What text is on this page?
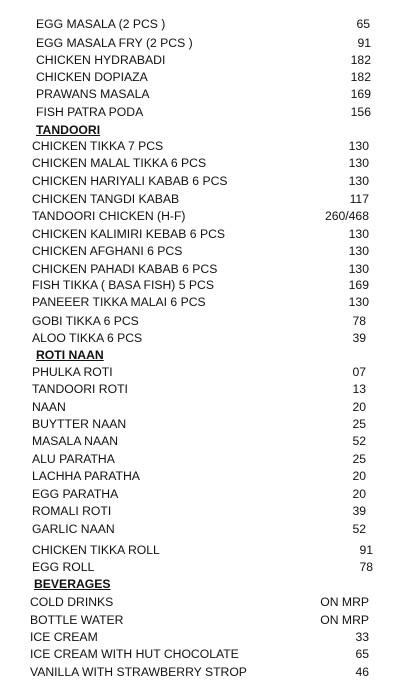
EGG MASALA (2 PCS )	65
EGG MASALA FRY (2 PCS )	91
CHICKEN HYDRABADI	182
CHICKEN DOPIAZA	182
PRAWANS MASALA	169
FISH PATRA PODA	156
TANDOORI
CHICKEN TIKKA 7 PCS	130
CHICKEN MALAL TIKKA 6 PCS	130
CHICKEN HARIYALI KABAB 6 PCS	130
CHICKEN TANGDI KABAB	117
TANDOORI CHICKEN (H-F)	260/468
CHICKEN KALIMIRI KEBAB 6 PCS	130
CHICKEN AFGHANI 6 PCS	130
CHICKEN PAHADI KABAB 6 PCS	130
FISH TIKKA ( BASA FISH) 5 PCS	169
PANEEER TIKKA MALAI 6 PCS	130
GOBI TIKKA 6 PCS	78
ALOO TIKKA 6 PCS	39
ROTI NAAN
PHULKA ROTI	07
TANDOORI ROTI	13
NAAN	20
BUYTTER NAAN	25
MASALA NAAN	52
ALU PARATHA	25
LACHHA PARATHA	20
EGG PARATHA	20
ROMALI ROTI	39
GARLIC NAAN	52
CHICKEN TIKKA ROLL	91
EGG ROLL	78
BEVERAGES
COLD DRINKS	ON MRP
BOTTLE WATER	ON MRP
ICE CREAM	33
ICE CREAM WITH HUT CHOCOLATE	65
VANILLA WITH STRAWBERRY STROP	46
